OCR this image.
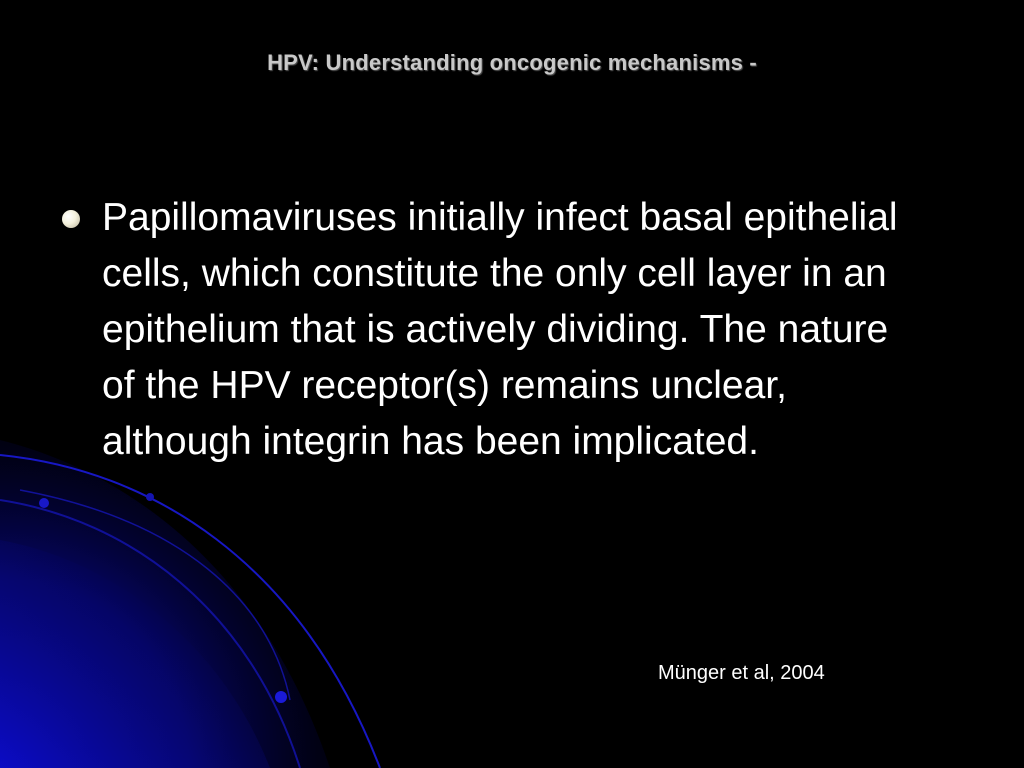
HPV: Understanding oncogenic mechanisms -
Papillomaviruses initially infect basal epithelial cells, which constitute the only cell layer in an epithelium that is actively dividing. The nature of the HPV receptor(s) remains unclear, although integrin has been implicated.
Münger et al, 2004
